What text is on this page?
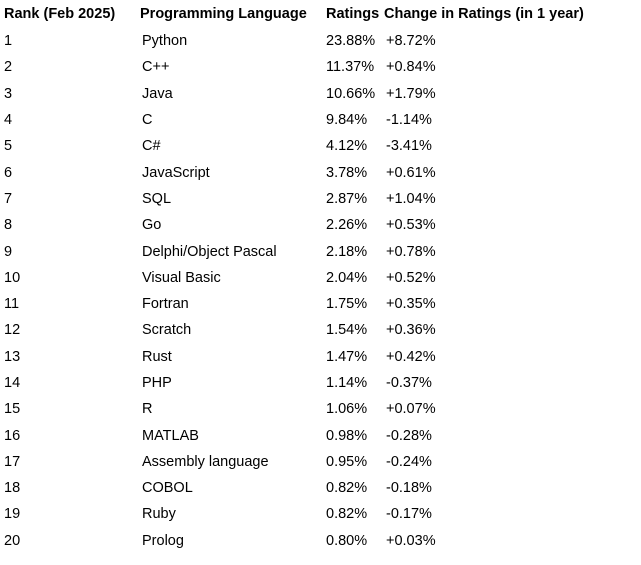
Rank (Feb 2025)	Programming Language	Ratings	Change in Ratings (in 1 year)
1	Python	23.88%	+8.72%

2	C++	11.37%	+0.84%

3	Java	10.66%	+1.79%

4	C	9.84%	-1.14%

5	C#	4.12%	-3.41%

6	JavaScript	3.78%	+0.61%

7	SQL	2.87%	+1.04%

8	Go	2.26%	+0.53%

9	Delphi/Object Pascal	2.18%	+0.78%

10	Visual Basic	2.04%	+0.52%

11	Fortran	1.75%	+0.35%

12	Scratch	1.54%	+0.36%

13	Rust	1.47%	+0.42%

14	PHP	1.14%	-0.37%

15	R	1.06%	+0.07%

16	MATLAB	0.98%	-0.28%

17	Assembly language	0.95%	-0.24%

18	COBOL	0.82%	-0.18%

19	Ruby	0.82%	-0.17%

20	Prolog	0.80%	+0.03%
